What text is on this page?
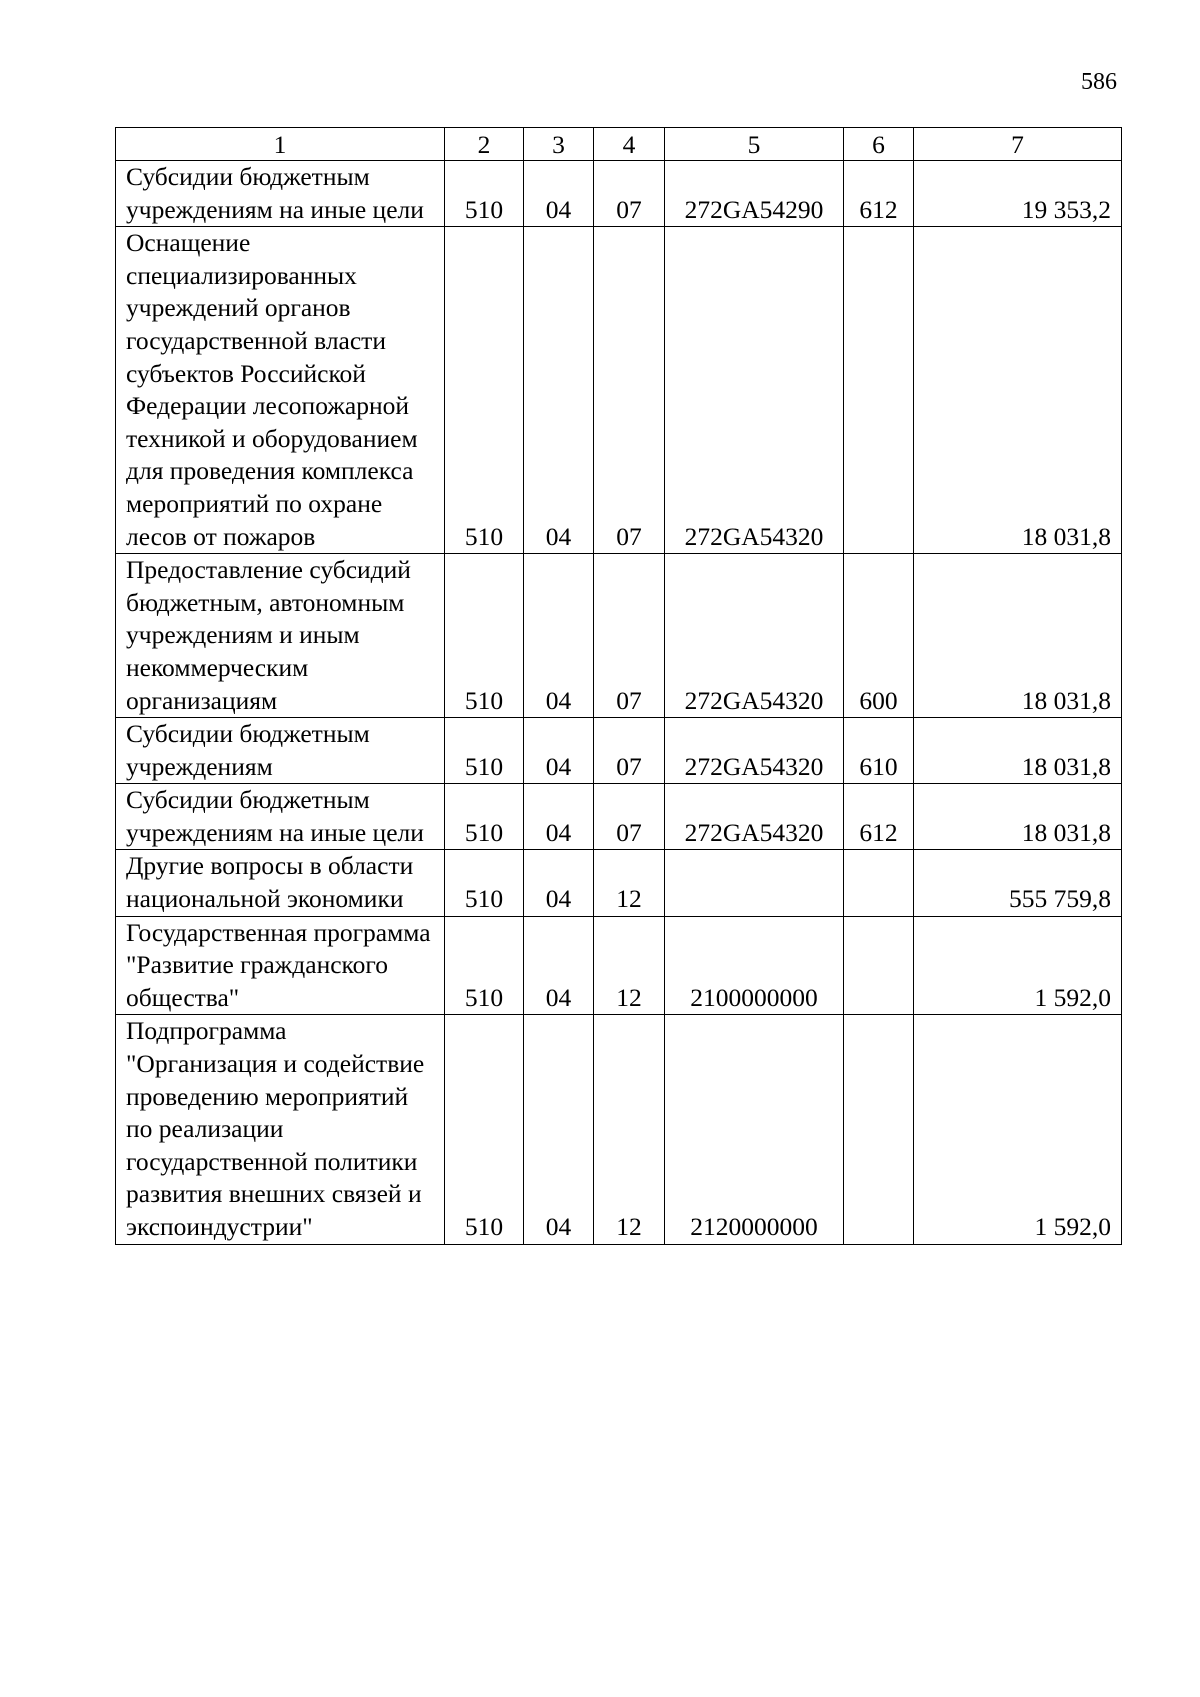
586
1	2	3	4	5	6	7
Субсидии бюджетным учреждениям на иные цели	510	04	07	272GA54290	612	19 353,2
Оснащение специализированных учреждений органов государственной власти субъектов Российской Федерации лесопожарной техникой и оборудованием для проведения комплекса мероприятий по охране лесов от пожаров	510	04	07	272GA54320		18 031,8
Предоставление субсидий бюджетным, автономным учреждениям и иным некоммерческим организациям	510	04	07	272GA54320	600	18 031,8
Субсидии бюджетным учреждениям	510	04	07	272GA54320	610	18 031,8
Субсидии бюджетным учреждениям на иные цели	510	04	07	272GA54320	612	18 031,8
Другие вопросы в области национальной экономики	510	04	12			555 759,8
Государственная программа "Развитие гражданского общества"	510	04	12	2100000000		1 592,0
Подпрограмма "Организация и содействие проведению мероприятий по реализации государственной политики развития внешних связей и экспоиндустрии"	510	04	12	2120000000		1 592,0
